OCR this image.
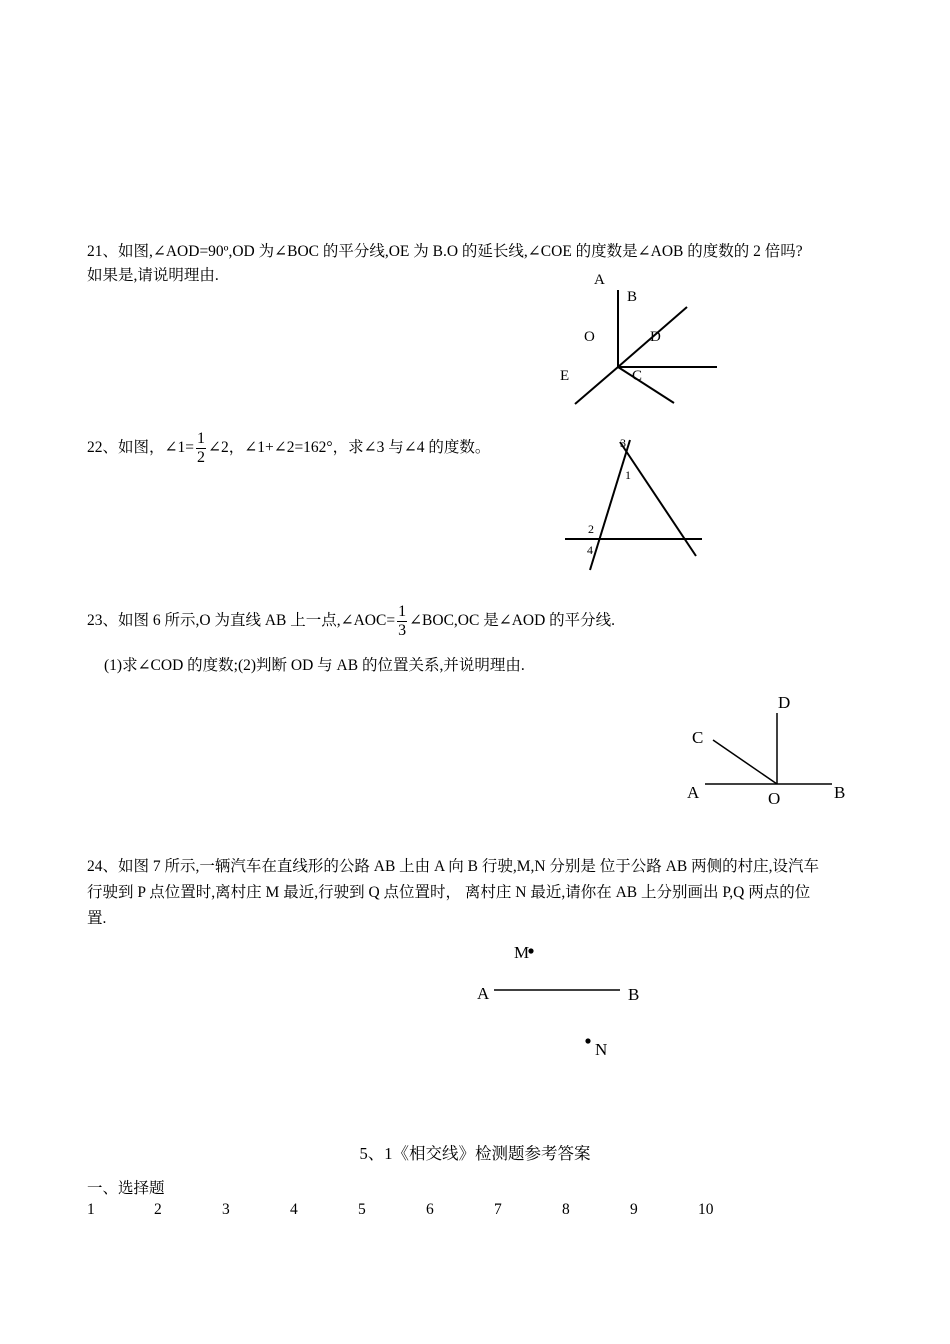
21、如图,∠AOD=90º,OD 为∠BOC 的平分线,OE 为 B.O 的延长线,∠COE 的度数是∠AOB 的度数的 2 倍吗?
如果是,请说明理由.	A
B
O	D
E	C
22、如图，∠1= $\frac{1}{2}$ ∠2，∠1+∠2=162°，求∠3 与∠4 的度数。	3
1
2
4
23、如图 6 所示,O 为直线 AB 上一点,∠AOC= $\frac{1}{3}$ ∠BOC,OC 是∠AOD 的平分线.
(1)求∠COD 的度数;(2)判断 OD 与 AB 的位置关系,并说明理由.
D
C
A	O	B
24、如图 7 所示,一辆汽车在直线形的公路 AB 上由 A 向 B 行驶,M,N 分别是 位于公路 AB 两侧的村庄,设汽车
行驶到 P 点位置时,离村庄 M 最近,行驶到 Q 点位置时， 离村庄 N 最近,请你在 AB 上分别画出 P,Q 两点的位
置.
M
N
A	B
5、1《相交线》检测题参考答案
一、选择题
1	2	3	4	5	6	7	8	9	10
